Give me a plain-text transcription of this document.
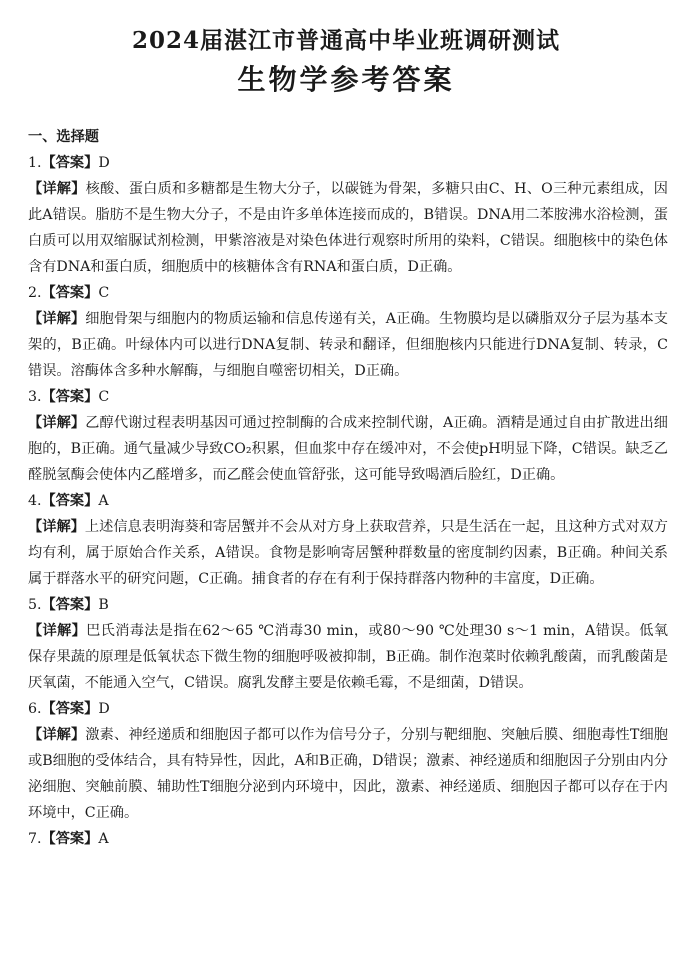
2024届湛江市普通高中毕业班调研测试
生物学参考答案
一、选择题
1.【答案】D
【详解】核酸、蛋白质和多糖都是生物大分子，以碳链为骨架，多糖只由C、H、O三种元素组成，因此A错误。脂肪不是生物大分子，不是由许多单体连接而成的，B错误。DNA用二苯胺沸水浴检测，蛋白质可以用双缩脲试剂检测，甲紫溶液是对染色体进行观察时所用的染料，C错误。细胞核中的染色体含有DNA和蛋白质，细胞质中的核糖体含有RNA和蛋白质，D正确。
2.【答案】C
【详解】细胞骨架与细胞内的物质运输和信息传递有关，A正确。生物膜均是以磷脂双分子层为基本支架的，B正确。叶绿体内可以进行DNA复制、转录和翻译，但细胞核内只能进行DNA复制、转录，C错误。溶酶体含多种水解酶，与细胞自噬密切相关，D正确。
3.【答案】C
【详解】乙醇代谢过程表明基因可通过控制酶的合成来控制代谢，A正确。酒精是通过自由扩散进出细胞的，B正确。通气量减少导致CO₂积累，但血浆中存在缓冲对，不会使pH明显下降，C错误。缺乏乙醛脱氢酶会使体内乙醛增多，而乙醛会使血管舒张，这可能导致喝酒后脸红，D正确。
4.【答案】A
【详解】上述信息表明海葵和寄居蟹并不会从对方身上获取营养，只是生活在一起，且这种方式对双方均有利，属于原始合作关系，A错误。食物是影响寄居蟹种群数量的密度制约因素，B正确。种间关系属于群落水平的研究问题，C正确。捕食者的存在有利于保持群落内物种的丰富度，D正确。
5.【答案】B
【详解】巴氏消毒法是指在62～65 ℃消毒30 min，或80～90 ℃处理30 s～1 min，A错误。低氧保存果蔬的原理是低氧状态下微生物的细胞呼吸被抑制，B正确。制作泡菜时依赖乳酸菌，而乳酸菌是厌氧菌，不能通入空气，C错误。腐乳发酵主要是依赖毛霉，不是细菌，D错误。
6.【答案】D
【详解】激素、神经递质和细胞因子都可以作为信号分子，分别与靶细胞、突触后膜、细胞毒性T细胞或B细胞的受体结合，具有特异性，因此，A和B正确，D错误；激素、神经递质和细胞因子分别由内分泌细胞、突触前膜、辅助性T细胞分泌到内环境中，因此，激素、神经递质、细胞因子都可以存在于内环境中，C正确。
7.【答案】A
